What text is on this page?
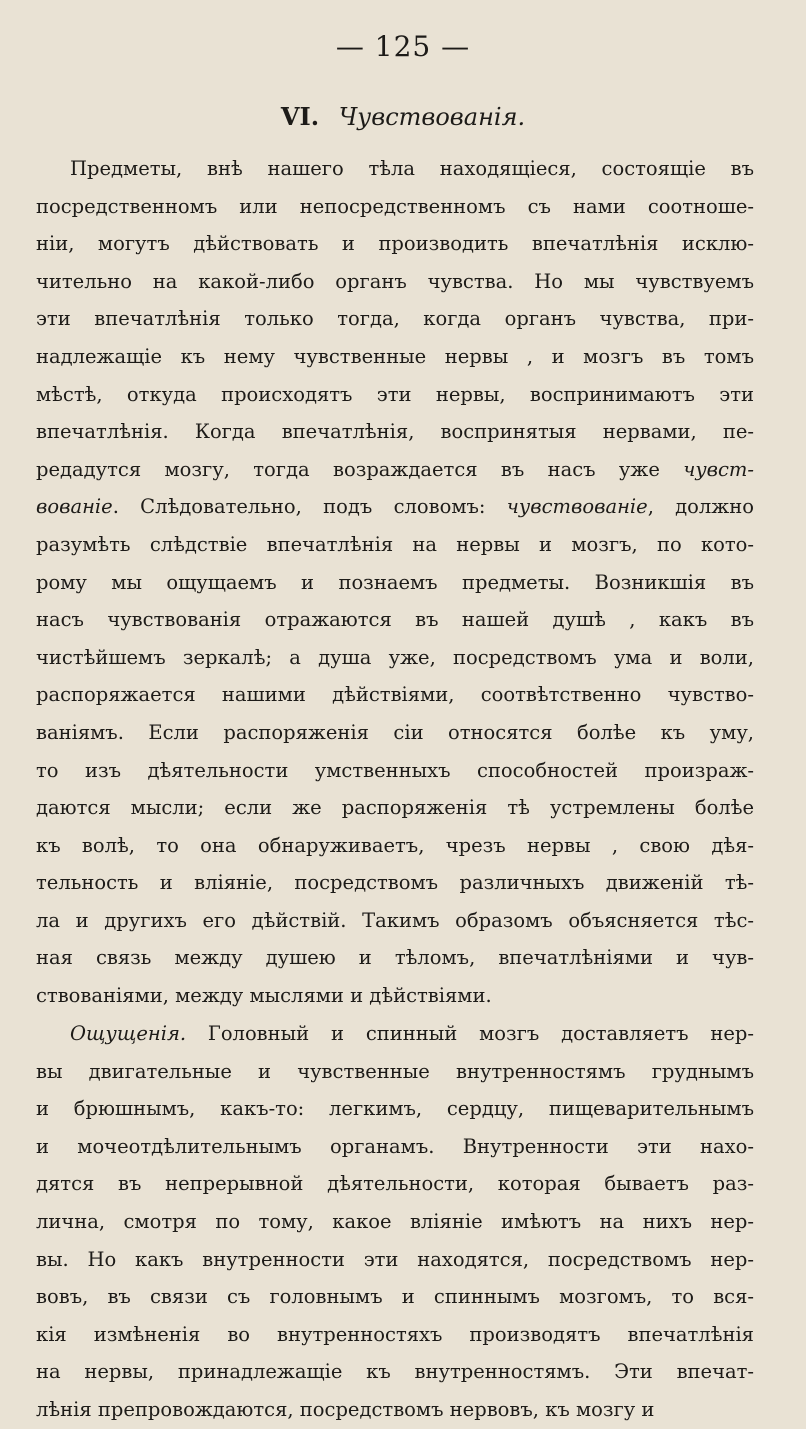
— 125 —
VI. Чувствованія.
Предметы, внѣ нашего тѣла находящіеся, состоящіе въ
посредственномъ или непосредственномъ съ нами соотноше-
ніи, могутъ дѣйствовать и производить впечатлѣнія исклю-
чительно на какой-либо органъ чувства. Но мы чувствуемъ
эти впечатлѣнія только тогда, когда органъ чувства, при-
надлежащіе къ нему чувственные нервы , и мозгъ въ томъ
мѣстѣ, откуда происходятъ эти нервы, воспринимаютъ эти
впечатлѣнія. Когда впечатлѣнія, воспринятыя нервами, пе-
редадутся мозгу, тогда возраждается въ насъ уже чувст-
вованіе. Слѣдовательно, подъ словомъ: чувствованіе, должно
разумѣть слѣдствіе впечатлѣнія на нервы и мозгъ, по кото-
рому мы ощущаемъ и познаемъ предметы. Возникшія въ
насъ чувствованія отражаются въ нашей душѣ , какъ въ
чистѣйшемъ зеркалѣ; а душа уже, посредствомъ ума и воли,
распоряжается нашими дѣйствіями, соотвѣтственно чувство-
ваніямъ. Если распоряженія сіи относятся болѣе къ уму,
то изъ дѣятельности умственныхъ способностей произраж-
даются мысли; если же распоряженія тѣ устремлены болѣе
къ волѣ, то она обнаруживаетъ, чрезъ нервы , свою дѣя-
тельность и вліяніе, посредствомъ различныхъ движеній тѣ-
ла и другихъ его дѣйствій. Такимъ образомъ объясняется тѣс-
ная связь между душею и тѣломъ, впечатлѣніями и чув-
ствованіями, между мыслями и дѣйствіями.
Ощущенія. Головный и спинный мозгъ доставляетъ нер-
вы двигательные и чувственные внутренностямъ груднымъ
и брюшнымъ, какъ-то: легкимъ, сердцу, пищеварительнымъ
и мочеотдѣлительнымъ органамъ. Внутренности эти нахо-
дятся въ непрерывной дѣятельности, которая бываетъ раз-
лична, смотря по тому, какое вліяніе имѣютъ на нихъ нер-
вы. Но какъ внутренности эти находятся, посредствомъ нер-
вовъ, въ связи съ головнымъ и спиннымъ мозгомъ, то вся-
кія измѣненія во внутренностяхъ производятъ впечатлѣнія
на нервы, принадлежащіе къ внутренностямъ. Эти впечат-
лѣнія препровождаются, посредствомъ нервовъ, къ мозгу и
